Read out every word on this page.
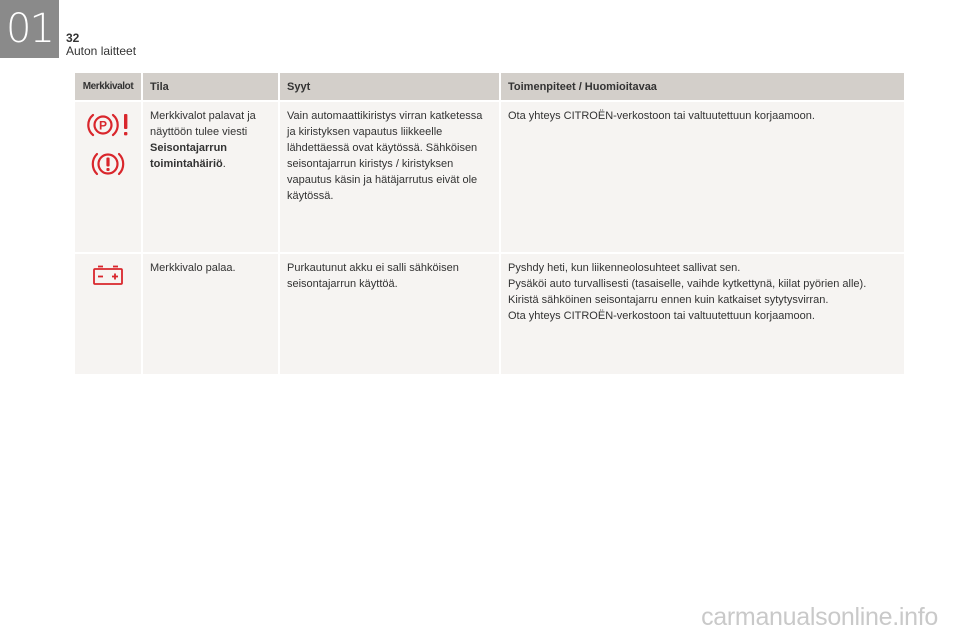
01	32
Auton laitteet
Merkkivalot	Tila	Syyt	Toimenpiteet / Huomioitavaa

P	Merkkivalot palavat ja näyttöön tulee viesti Seisontajarrun toimintahäiriö.	Vain automaattikiristys virran katketessa ja kiristyksen vapautus liikkeelle lähdettäessä ovat käytössä. Sähköisen seisontajarrun kiristys / kiristyksen vapautus käsin ja hätäjarrutus eivät ole käytössä.	Ota yhteys CITROËN-verkostoon tai valtuutettuun korjaamoon.

	Merkkivalo palaa.	Purkautunut akku ei salli sähköisen seisontajarrun käyttöä.	Pyshdy heti, kun liikenneolosuhteet sallivat sen.
Pysäköi auto turvallisesti (tasaiselle, vaihde kytkettynä, kiilat pyörien alle).
Kiristä sähköinen seisontajarru ennen kuin katkaiset sytytysvirran.
Ota yhteys CITROËN-verkostoon tai valtuutettuun korjaamoon.
carmanualsonline.info
